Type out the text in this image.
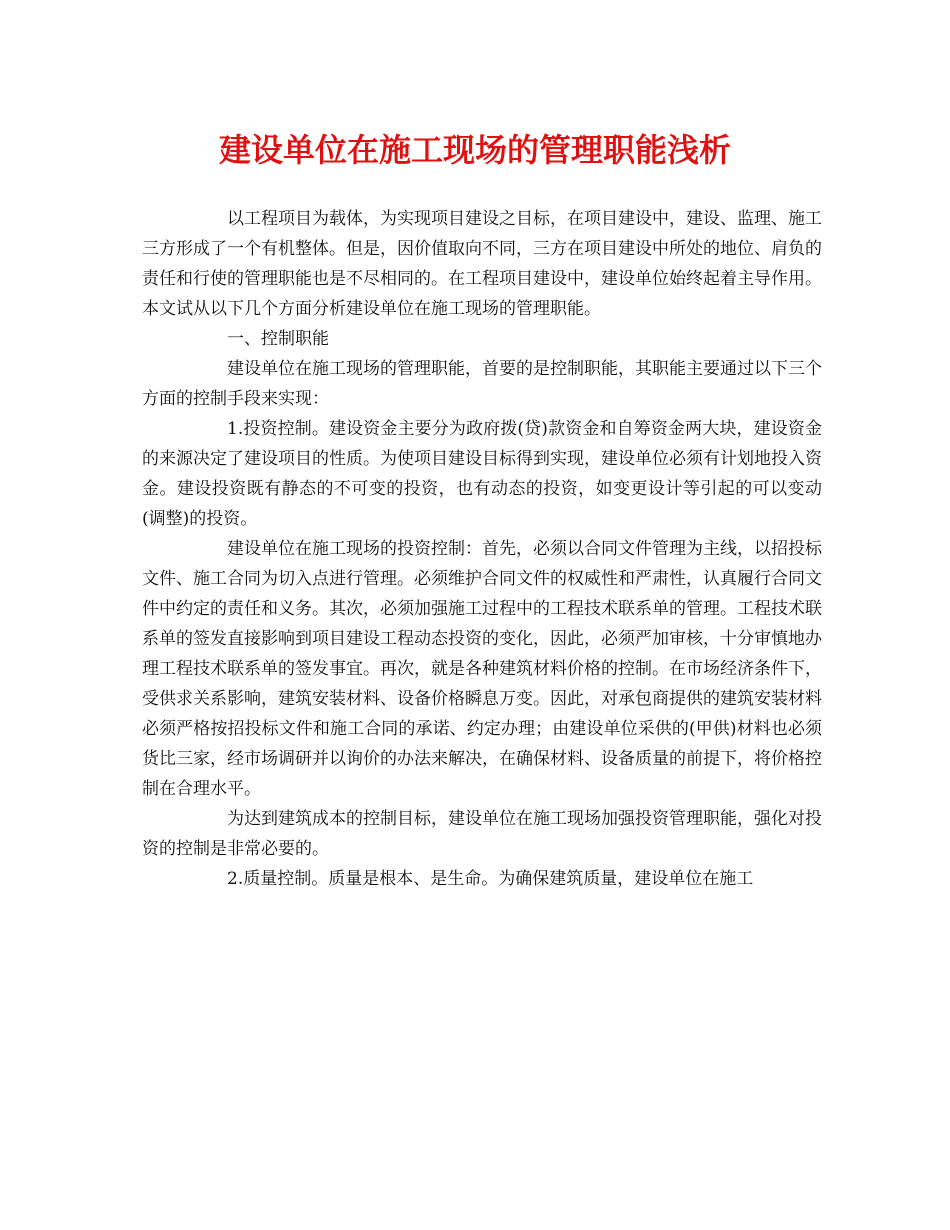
建设单位在施工现场的管理职能浅析

以工程项目为载体，为实现项目建设之目标，在项目建设中，建设、监理、施工三方形成了一个有机整体。但是，因价值取向不同，三方在项目建设中所处的地位、肩负的责任和行使的管理职能也是不尽相同的。在工程项目建设中，建设单位始终起着主导作用。本文试从以下几个方面分析建设单位在施工现场的管理职能。

一、控制职能

建设单位在施工现场的管理职能，首要的是控制职能，其职能主要通过以下三个方面的控制手段来实现：

1.投资控制。建设资金主要分为政府拨(贷)款资金和自筹资金两大块，建设资金的来源决定了建设项目的性质。为使项目建设目标得到实现，建设单位必须有计划地投入资金。建设投资既有静态的不可变的投资，也有动态的投资，如变更设计等引起的可以变动(调整)的投资。

建设单位在施工现场的投资控制：首先，必须以合同文件管理为主线，以招投标文件、施工合同为切入点进行管理。必须维护合同文件的权威性和严肃性，认真履行合同文件中约定的责任和义务。其次，必须加强施工过程中的工程技术联系单的管理。工程技术联系单的签发直接影响到项目建设工程动态投资的变化，因此，必须严加审核，十分审慎地办理工程技术联系单的签发事宜。再次，就是各种建筑材料价格的控制。在市场经济条件下，受供求关系影响，建筑安装材料、设备价格瞬息万变。因此，对承包商提供的建筑安装材料必须严格按招投标文件和施工合同的承诺、约定办理；由建设单位采供的(甲供)材料也必须货比三家，经市场调研并以询价的办法来解决，在确保材料、设备质量的前提下，将价格控制在合理水平。

为达到建筑成本的控制目标，建设单位在施工现场加强投资管理职能，强化对投资的控制是非常必要的。

2.质量控制。质量是根本、是生命。为确保建筑质量，建设单位在施工
